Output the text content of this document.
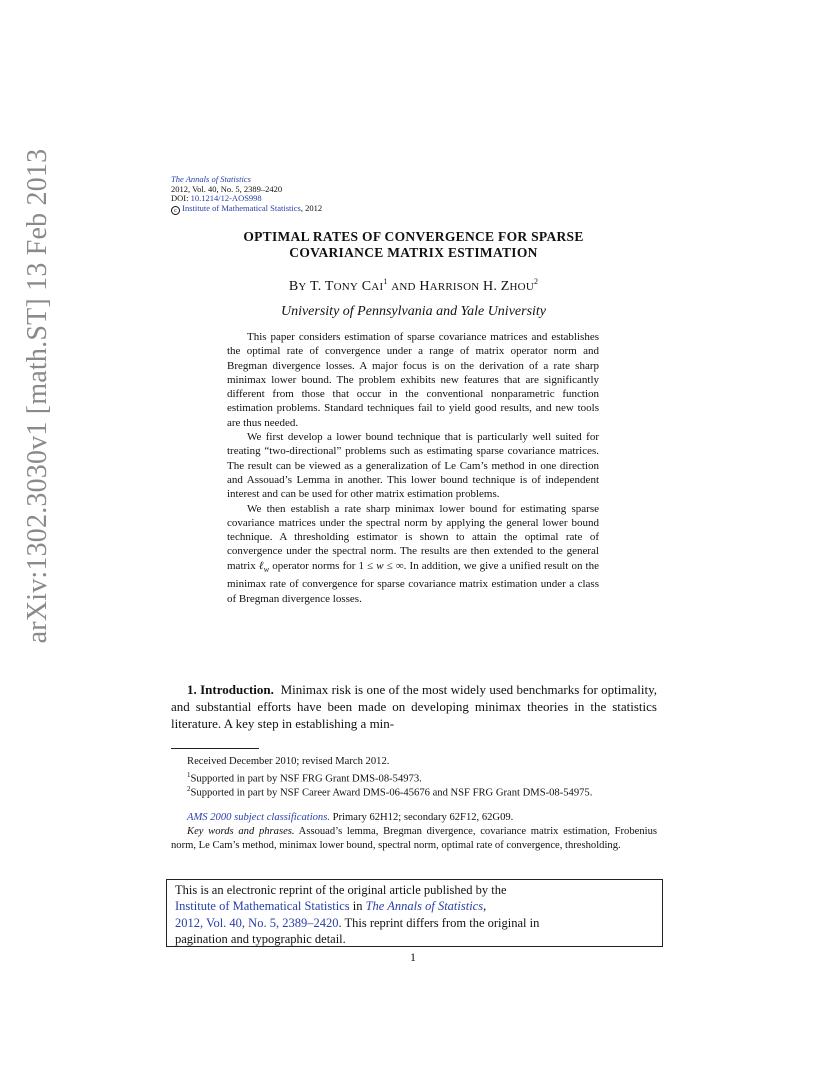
The Annals of Statistics
2012, Vol. 40, No. 5, 2389–2420
DOI: 10.1214/12-AOS998
c Institute of Mathematical Statistics, 2012
arXiv:1302.3030v1 [math.ST] 13 Feb 2013	OPTIMAL RATES OF CONVERGENCE FOR SPARSE
COVARIANCE MATRIX ESTIMATION
BY T. TONY CAI$^1$ AND HARRISON H. ZHOU$^2$
University of Pennsylvania and Yale University

This paper considers estimation of sparse covariance matrices and establishes the optimal rate of convergence under a range of matrix operator norm and Bregman divergence losses. A major focus is on the derivation of a rate sharp minimax lower bound. The problem exhibits new features that are significantly different from those that occur in the conventional nonparametric function estimation problems. Standard techniques fail to yield good results, and new tools are thus needed.

We first develop a lower bound technique that is particularly well suited for treating “two-directional” problems such as estimating sparse covariance matrices. The result can be viewed as a generalization of Le Cam’s method in one direction and Assouad’s Lemma in another. This lower bound technique is of independent interest and can be used for other matrix estimation problems.

We then establish a rate sharp minimax lower bound for estimating sparse covariance matrices under the spectral norm by applying the general lower bound technique. A thresholding estimator is shown to attain the optimal rate of convergence under the spectral norm. The results are then extended to the general matrix ℓ$_w$ operator norms for 1 ≤ w ≤ ∞. In addition, we give a unified result on the minimax rate of convergence for sparse covariance matrix estimation under a class of Bregman divergence losses.

1. Introduction. Minimax risk is one of the most widely used benchmarks for optimality, and substantial efforts have been made on developing minimax theories in the statistics literature. A key step in establishing a min-

Received December 2010; revised March 2012.

$^1$Supported in part by NSF FRG Grant DMS-08-54973.

$^2$Supported in part by NSF Career Award DMS-06-45676 and NSF FRG Grant DMS-08-54975.

AMS 2000 subject classifications. Primary 62H12; secondary 62F12, 62G09.

Key words and phrases. Assouad’s lemma, Bregman divergence, covariance matrix estimation, Frobenius norm, Le Cam’s method, minimax lower bound, spectral norm, optimal rate of convergence, thresholding.

This is an electronic reprint of the original article published by the
Institute of Mathematical Statistics in The Annals of Statistics,
2012, Vol. 40, No. 5, 2389–2420. This reprint differs from the original in
pagination and typographic detail.
1
